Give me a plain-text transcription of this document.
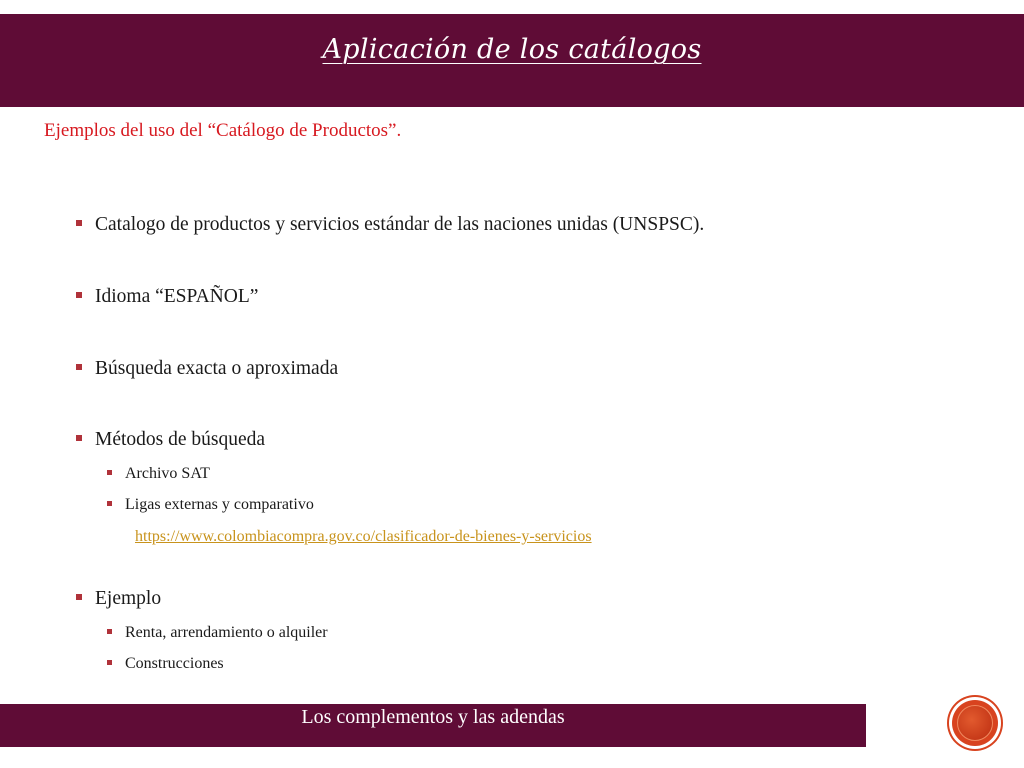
Aplicación de los catálogos
Ejemplos del uso del “Catálogo de Productos”.
Catalogo de productos y servicios estándar de las naciones unidas (UNSPSC).
Idioma “ESPAÑOL”
Búsqueda exacta o aproximada
Métodos de búsqueda
Archivo SAT
Ligas externas y comparativo
https://www.colombiacompra.gov.co/clasificador-de-bienes-y-servicios
Ejemplo
Renta, arrendamiento o alquiler
Construcciones
Los complementos y las adendas
